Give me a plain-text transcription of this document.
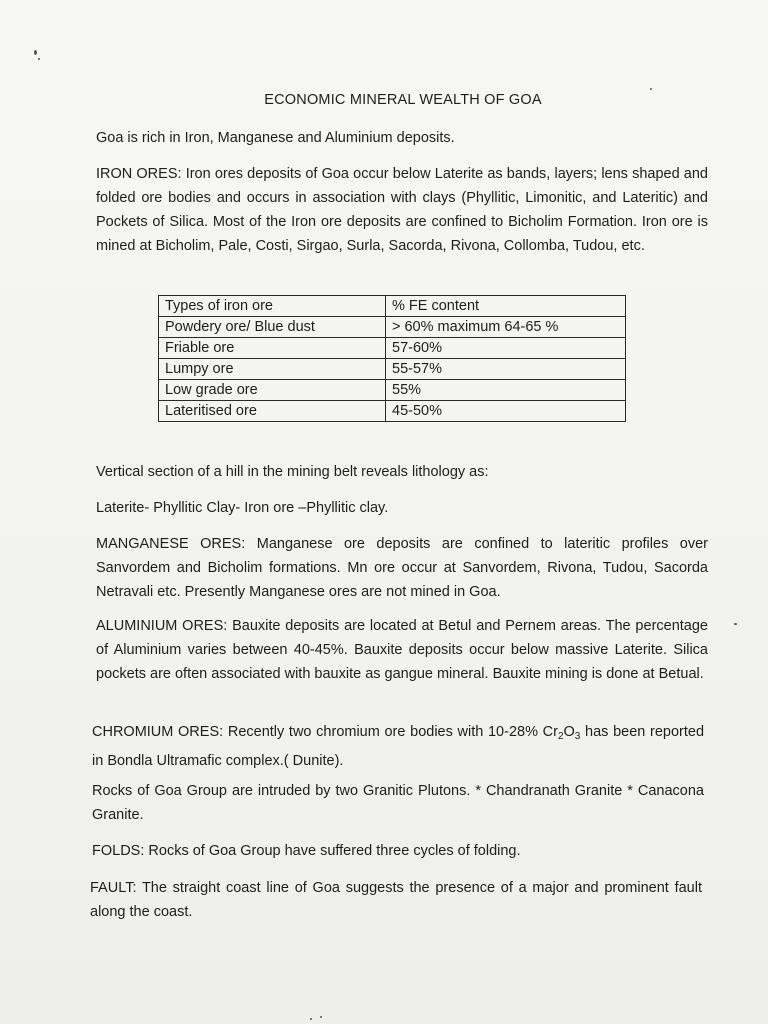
ECONOMIC MINERAL WEALTH OF GOA

Goa is rich in Iron, Manganese and Aluminium deposits.

IRON ORES: Iron ores deposits of Goa occur below Laterite as bands, layers; lens shaped and folded ore bodies and occurs in association with clays (Phyllitic, Limonitic, and Lateritic) and Pockets of Silica. Most of the Iron ore deposits are confined to Bicholim Formation. Iron ore is mined at Bicholim, Pale, Costi, Sirgao, Surla, Sacorda, Rivona, Collomba, Tudou, etc.

Types of iron ore	% FE content
Powdery ore/ Blue dust	> 60% maximum 64-65 %
Friable ore	57-60%
Lumpy ore	55-57%
Low grade ore	55%
Lateritised ore	45-50%

Vertical section of a hill in the mining belt reveals lithology as:

Laterite- Phyllitic Clay- Iron ore –Phyllitic clay.

MANGANESE ORES: Manganese ore deposits are confined to lateritic profiles over Sanvordem and Bicholim formations. Mn ore occur at Sanvordem, Rivona, Tudou, Sacorda Netravali etc. Presently Manganese ores are not mined in Goa.

ALUMINIUM ORES: Bauxite deposits are located at Betul and Pernem areas. The percentage of Aluminium varies between 40-45%. Bauxite deposits occur below massive Laterite. Silica pockets are often associated with bauxite as gangue mineral. Bauxite mining is done at Betual.

CHROMIUM ORES: Recently two chromium ore bodies with 10-28% $Cr_2O_3$ has been reported in Bondla Ultramafic complex.( Dunite).

Rocks of Goa Group are intruded by two Granitic Plutons. * Chandranath Granite * Canacona Granite.

FOLDS: Rocks of Goa Group have suffered three cycles of folding.

FAULT: The straight coast line of Goa suggests the presence of a major and prominent fault along the coast.
